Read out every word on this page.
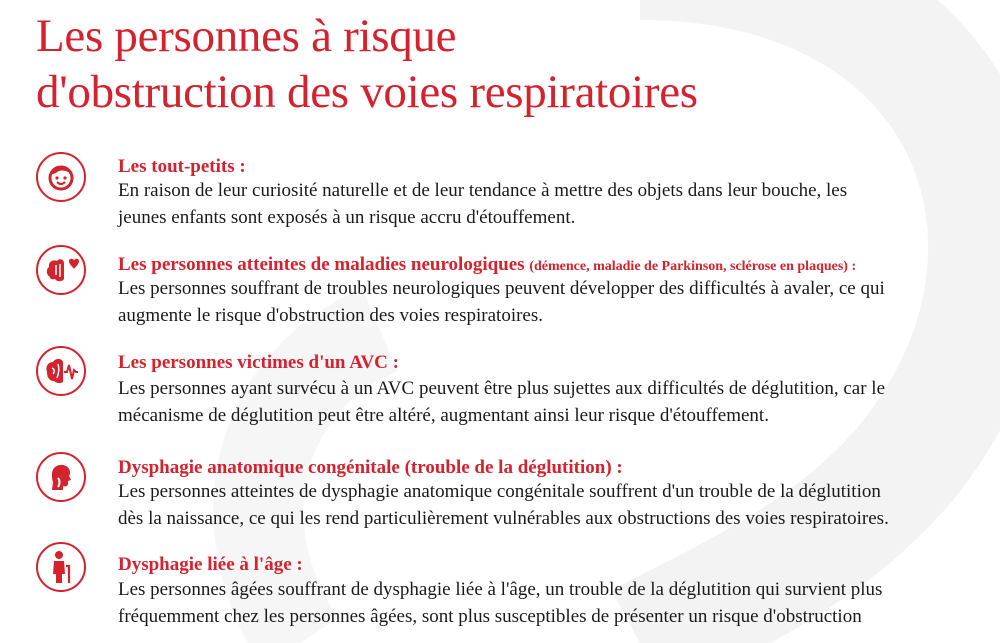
Les personnes à risque
d'obstruction des voies respiratoires

Les tout-petits :

En raison de leur curiosité naturelle et de leur tendance à mettre des objets dans leur bouche, les
jeunes enfants sont exposés à un risque accru d'étouffement.

Les personnes atteintes de maladies neurologiques (démence, maladie de Parkinson, sclérose en plaques) :

Les personnes souffrant de troubles neurologiques peuvent développer des difficultés à avaler, ce qui
augmente le risque d'obstruction des voies respiratoires.

Les personnes victimes d'un AVC :

Les personnes ayant survécu à un AVC peuvent être plus sujettes aux difficultés de déglutition, car le
mécanisme de déglutition peut être altéré, augmentant ainsi leur risque d'étouffement.

Dysphagie anatomique congénitale (trouble de la déglutition) :

Les personnes atteintes de dysphagie anatomique congénitale souffrent d'un trouble de la déglutition
dès la naissance, ce qui les rend particulièrement vulnérables aux obstructions des voies respiratoires.

Dysphagie liée à l'âge :

Les personnes âgées souffrant de dysphagie liée à l'âge, un trouble de la déglutition qui survient plus
fréquemment chez les personnes âgées, sont plus susceptibles de présenter un risque d'obstruction
